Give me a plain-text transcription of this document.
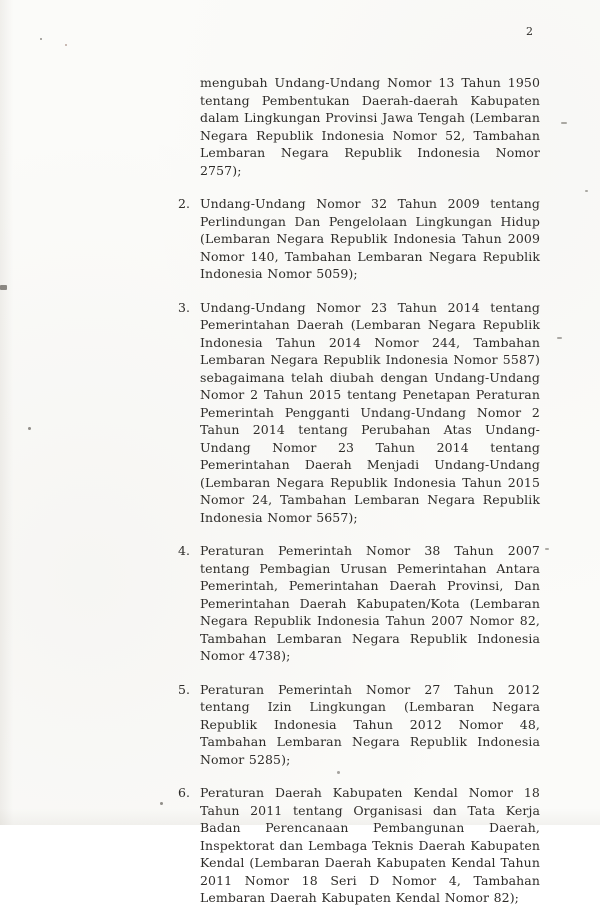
2

mengubah Undang-Undang Nomor 13 Tahun 1950 tentang Pembentukan Daerah-daerah Kabupaten dalam Lingkungan Provinsi Jawa Tengah (Lembaran Negara Republik Indonesia Nomor 52, Tambahan Lembaran Negara Republik Indonesia Nomor 2757);

2. Undang-Undang Nomor 32 Tahun 2009 tentang Perlindungan Dan Pengelolaan Lingkungan Hidup (Lembaran Negara Republik Indonesia Tahun 2009 Nomor 140, Tambahan Lembaran Negara Republik Indonesia Nomor 5059);
3. Undang-Undang Nomor 23 Tahun 2014 tentang Pemerintahan Daerah (Lembaran Negara Republik Indonesia Tahun 2014 Nomor 244, Tambahan Lembaran Negara Republik Indonesia Nomor 5587) sebagaimana telah diubah dengan Undang-Undang Nomor 2 Tahun 2015 tentang Penetapan Peraturan Pemerintah Pengganti Undang-Undang Nomor 2 Tahun 2014 tentang Perubahan Atas Undang-Undang Nomor 23 Tahun 2014 tentang Pemerintahan Daerah Menjadi Undang-Undang (Lembaran Negara Republik Indonesia Tahun 2015 Nomor 24, Tambahan Lembaran Negara Republik Indonesia Nomor 5657);
4. Peraturan Pemerintah Nomor 38 Tahun 2007 tentang Pembagian Urusan Pemerintahan Antara Pemerintah, Pemerintahan Daerah Provinsi, Dan Pemerintahan Daerah Kabupaten/Kota (Lembaran Negara Republik Indonesia Tahun 2007 Nomor 82, Tambahan Lembaran Negara Republik Indonesia Nomor 4738);
5. Peraturan Pemerintah Nomor 27 Tahun 2012 tentang Izin Lingkungan (Lembaran Negara Republik Indonesia Tahun 2012 Nomor 48, Tambahan Lembaran Negara Republik Indonesia Nomor 5285);
6. Peraturan Daerah Kabupaten Kendal Nomor 18 Tahun 2011 tentang Organisasi dan Tata Kerja Badan Perencanaan Pembangunan Daerah, Inspektorat dan Lembaga Teknis Daerah Kabupaten Kendal (Lembaran Daerah Kabupaten Kendal Tahun 2011 Nomor 18 Seri D Nomor 4, Tambahan Lembaran Daerah Kabupaten Kendal Nomor 82);
